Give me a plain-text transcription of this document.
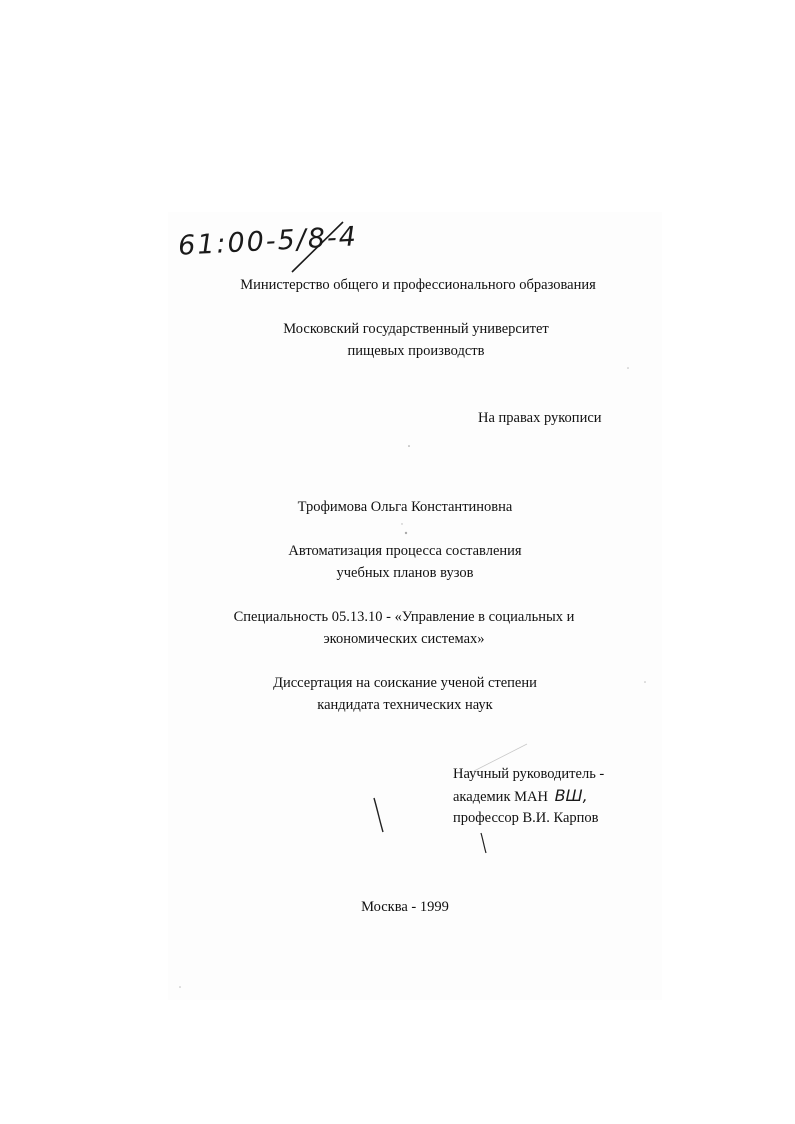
61:00-5/8-4
Министерство общего и профессионального образования
Московский государственный университет
пищевых производств
На правах рукописи
Трофимова Ольга Константиновна
Автоматизация процесса составления
учебных планов вузов
Специальность 05.13.10 - «Управление в социальных и
экономических системах»
Диссертация на соискание ученой степени
кандидата технических наук
Научный руководитель -
академик МАН ВШ,
профессор В.И. Карпов
Москва - 1999
